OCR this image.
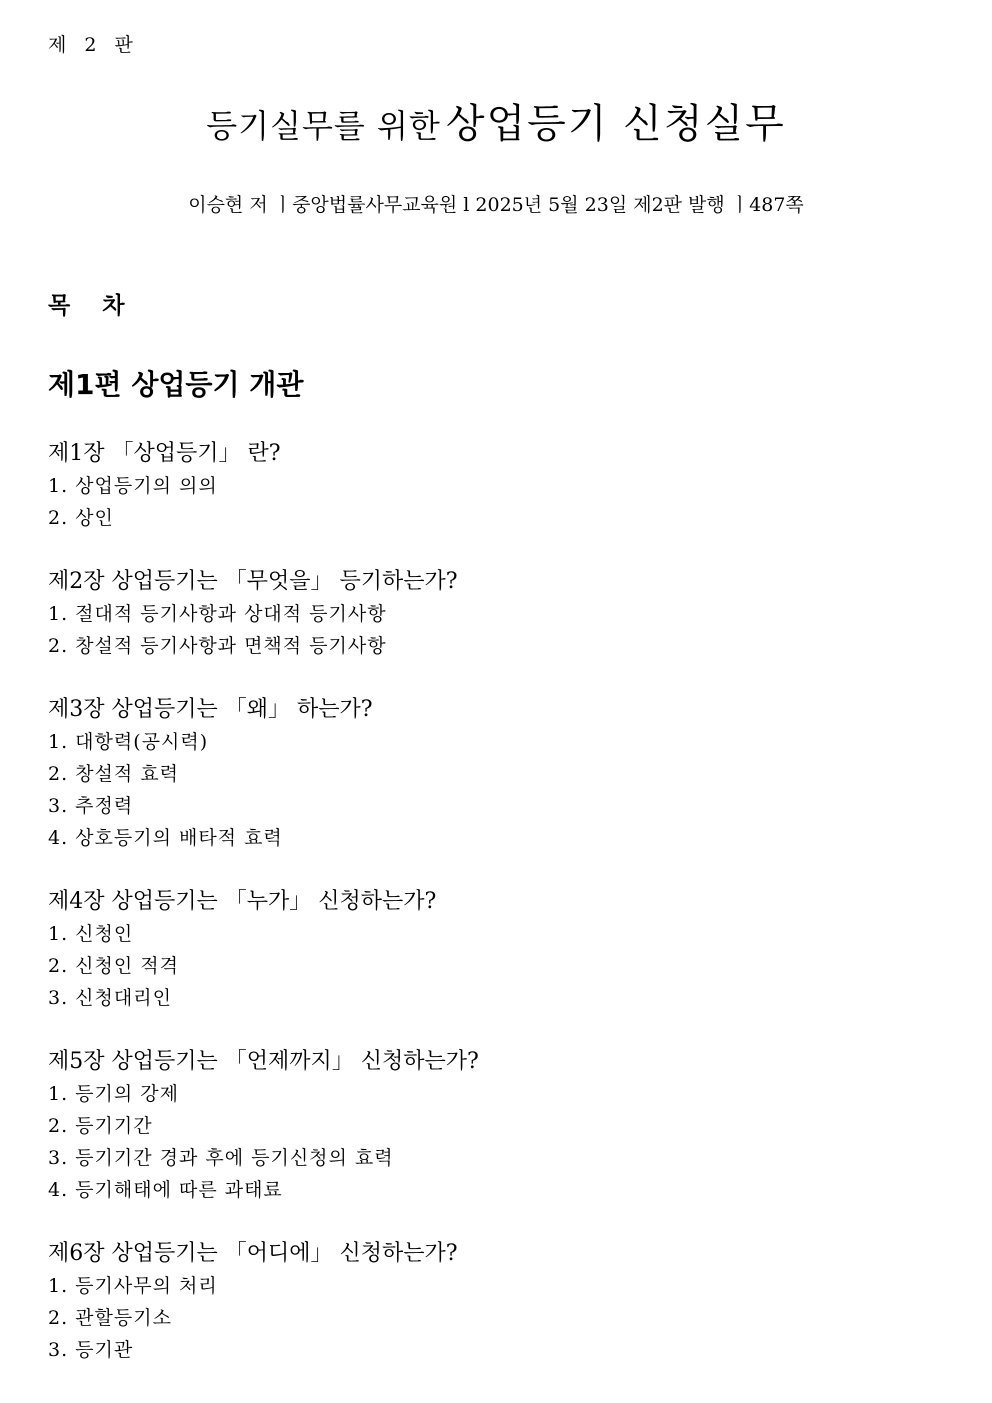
제 2 판
등기실무를 위한 상업등기 신청실무
이승현 저 ㅣ중앙법률사무교육원 l 2025년 5월 23일 제2판 발행 ㅣ487쪽
목 차
제1편 상업등기 개관
제1장 「상업등기」 란?
1. 상업등기의 의의
2. 상인
제2장 상업등기는 「무엇을」 등기하는가?
1. 절대적 등기사항과 상대적 등기사항
2. 창설적 등기사항과 면책적 등기사항
제3장 상업등기는 「왜」 하는가?
1. 대항력(공시력)
2. 창설적 효력
3. 추정력
4. 상호등기의 배타적 효력
제4장 상업등기는 「누가」 신청하는가?
1. 신청인
2. 신청인 적격
3. 신청대리인
제5장 상업등기는 「언제까지」 신청하는가?
1. 등기의 강제
2. 등기기간
3. 등기기간 경과 후에 등기신청의 효력
4. 등기해태에 따른 과태료
제6장 상업등기는 「어디에」 신청하는가?
1. 등기사무의 처리
2. 관할등기소
3. 등기관
